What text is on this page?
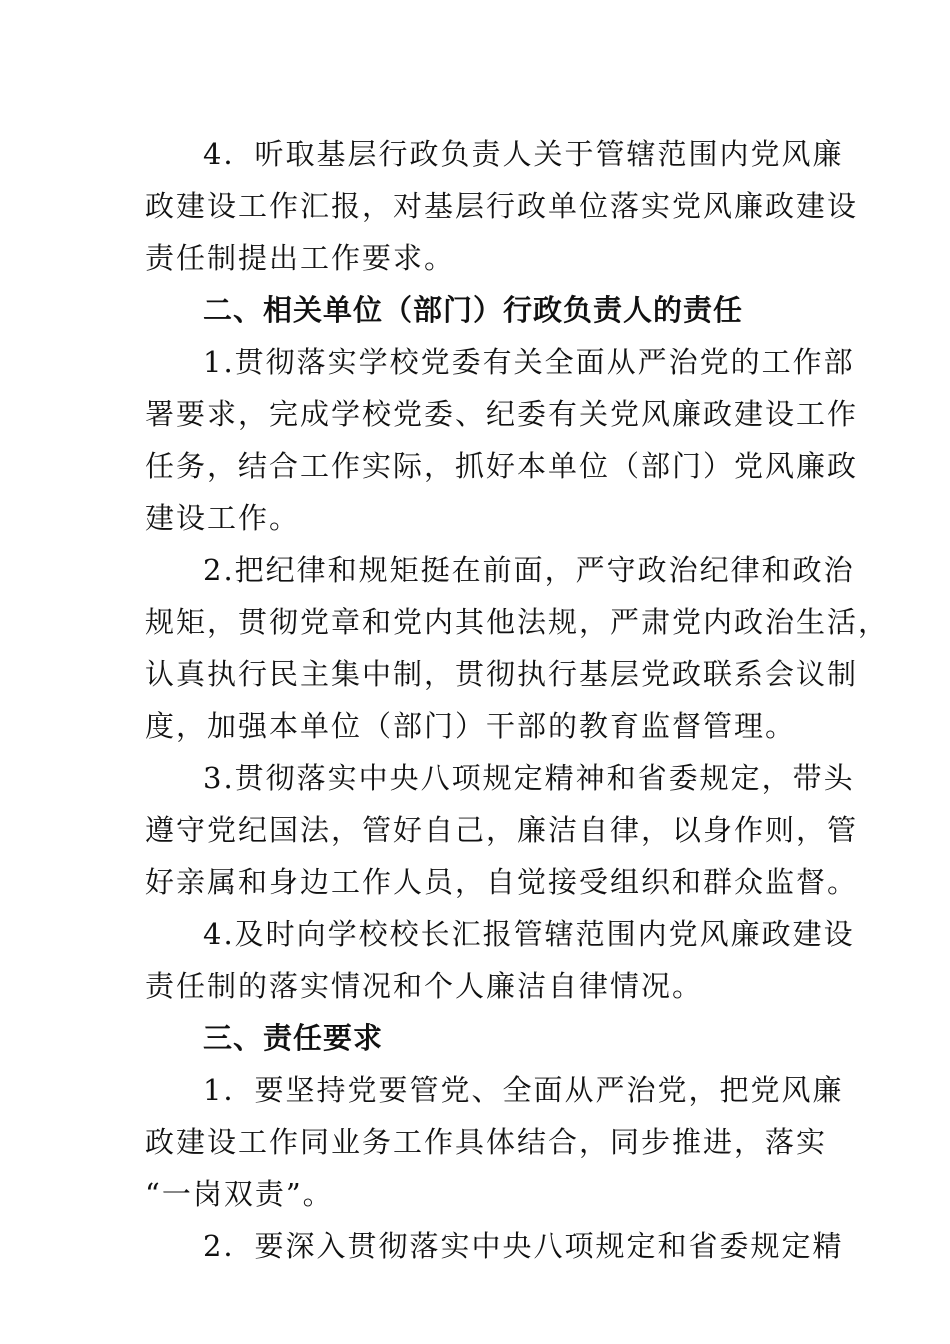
4．听取基层行政负责人关于管辖范围内党风廉
政建设工作汇报，对基层行政单位落实党风廉政建设
责任制提出工作要求。
二、相关单位（部门）行政负责人的责任
1.贯彻落实学校党委有关全面从严治党的工作部
署要求，完成学校党委、纪委有关党风廉政建设工作
任务，结合工作实际，抓好本单位（部门）党风廉政
建设工作。
2.把纪律和规矩挺在前面，严守政治纪律和政治
规矩，贯彻党章和党内其他法规，严肃党内政治生活，
认真执行民主集中制，贯彻执行基层党政联系会议制
度，加强本单位（部门）干部的教育监督管理。
3.贯彻落实中央八项规定精神和省委规定，带头
遵守党纪国法，管好自己，廉洁自律，以身作则，管
好亲属和身边工作人员，自觉接受组织和群众监督。
4.及时向学校校长汇报管辖范围内党风廉政建设
责任制的落实情况和个人廉洁自律情况。
三、责任要求
1．要坚持党要管党、全面从严治党，把党风廉
政建设工作同业务工作具体结合，同步推进，落实
“一岗双责”。
2．要深入贯彻落实中央八项规定和省委规定精
